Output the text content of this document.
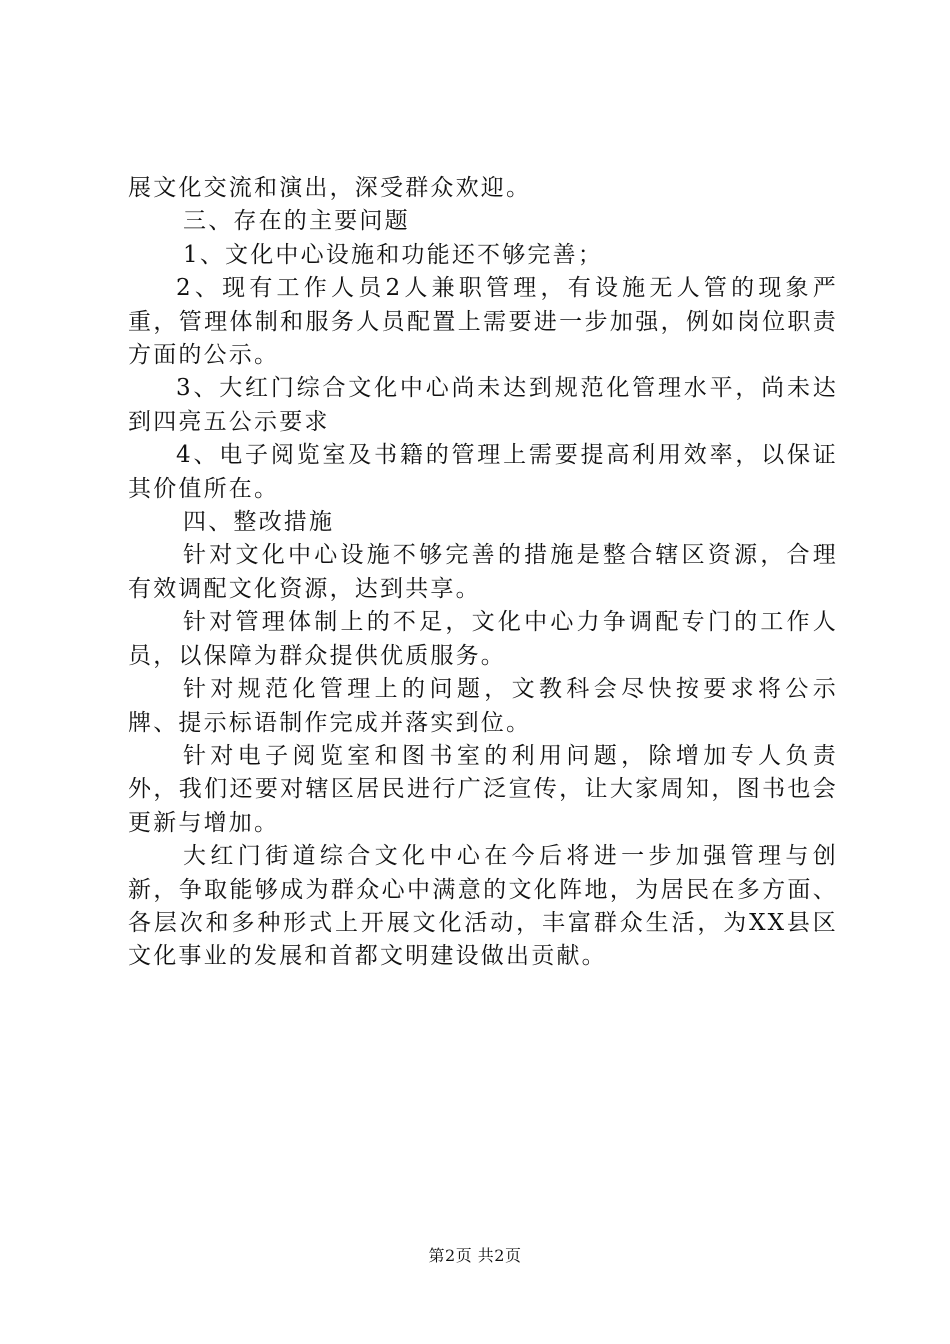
展文化交流和演出，深受群众欢迎。

三、存在的主要问题

1、文化中心设施和功能还不够完善；

2、现有工作人员2人兼职管理，有设施无人管的现象严重，管理体制和服务人员配置上需要进一步加强，例如岗位职责方面的公示。

3、大红门综合文化中心尚未达到规范化管理水平，尚未达到四亮五公示要求

4、电子阅览室及书籍的管理上需要提高利用效率，以保证其价值所在。

四、整改措施

针对文化中心设施不够完善的措施是整合辖区资源，合理有效调配文化资源，达到共享。

针对管理体制上的不足，文化中心力争调配专门的工作人员，以保障为群众提供优质服务。

针对规范化管理上的问题，文教科会尽快按要求将公示牌、提示标语制作完成并落实到位。

针对电子阅览室和图书室的利用问题，除增加专人负责外，我们还要对辖区居民进行广泛宣传，让大家周知，图书也会更新与增加。

大红门街道综合文化中心在今后将进一步加强管理与创新，争取能够成为群众心中满意的文化阵地，为居民在多方面、各层次和多种形式上开展文化活动，丰富群众生活，为XX县区文化事业的发展和首都文明建设做出贡献。

第2页 共2页
